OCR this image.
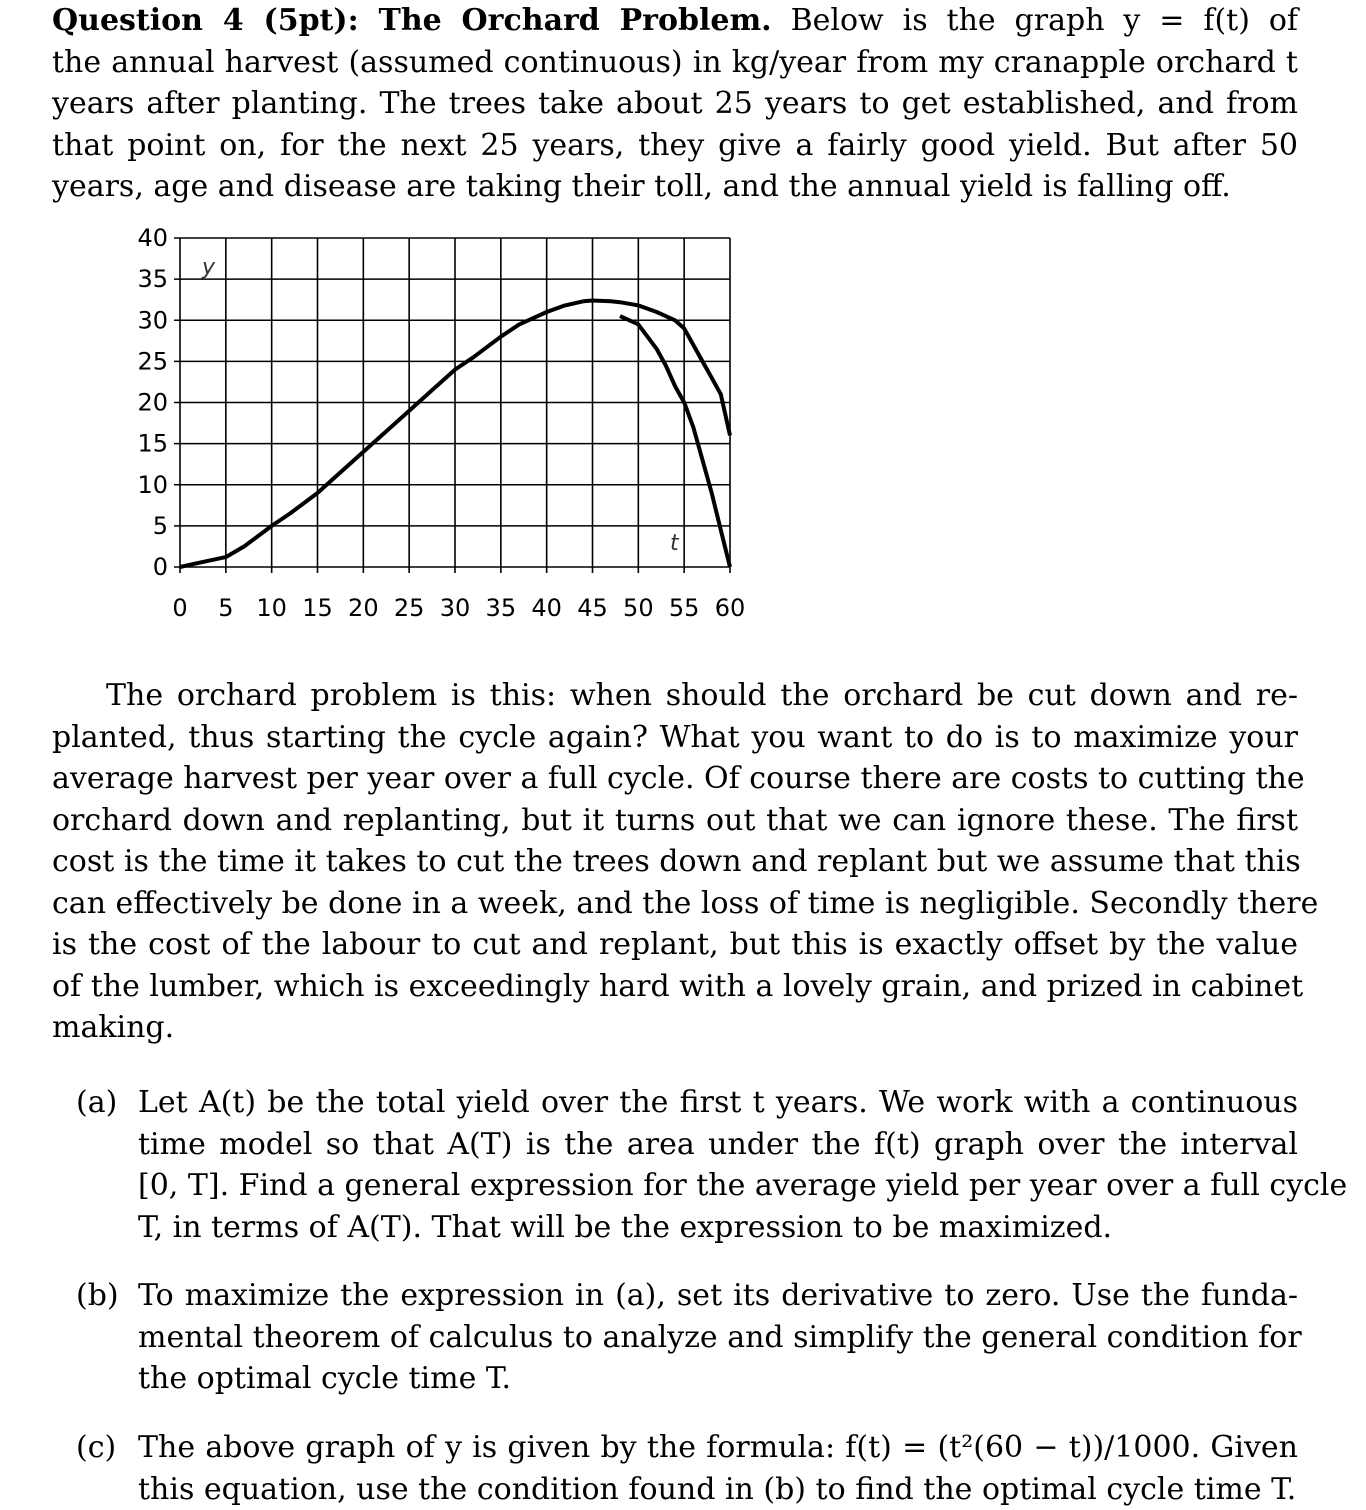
Question 4 (5pt): The Orchard Problem. Below is the graph y = f(t) of
the annual harvest (assumed continuous) in kg/year from my cranapple orchard t
years after planting. The trees take about 25 years to get established, and from
that point on, for the next 25 years, they give a fairly good yield. But after 50
years, age and disease are taking their toll, and the annual yield is falling off.
0
5
10
15
20
25
30
35
40
0 5 10 15 20 25 30 35 40 45 50 55 60
y
t
The orchard problem is this: when should the orchard be cut down and re-
planted, thus starting the cycle again? What you want to do is to maximize your
average harvest per year over a full cycle. Of course there are costs to cutting the
orchard down and replanting, but it turns out that we can ignore these. The first
cost is the time it takes to cut the trees down and replant but we assume that this
can effectively be done in a week, and the loss of time is negligible. Secondly there
is the cost of the labour to cut and replant, but this is exactly offset by the value
of the lumber, which is exceedingly hard with a lovely grain, and prized in cabinet
making.
(a) Let A(t) be the total yield over the first t years. We work with a continuous
time model so that A(T) is the area under the f(t) graph over the interval
[0, T]. Find a general expression for the average yield per year over a full cycle
T, in terms of A(T). That will be the expression to be maximized.
(b) To maximize the expression in (a), set its derivative to zero. Use the funda-
mental theorem of calculus to analyze and simplify the general condition for
the optimal cycle time T.
(c) The above graph of y is given by the formula: f(t) = (t²(60 − t))/1000. Given
this equation, use the condition found in (b) to find the optimal cycle time T.
